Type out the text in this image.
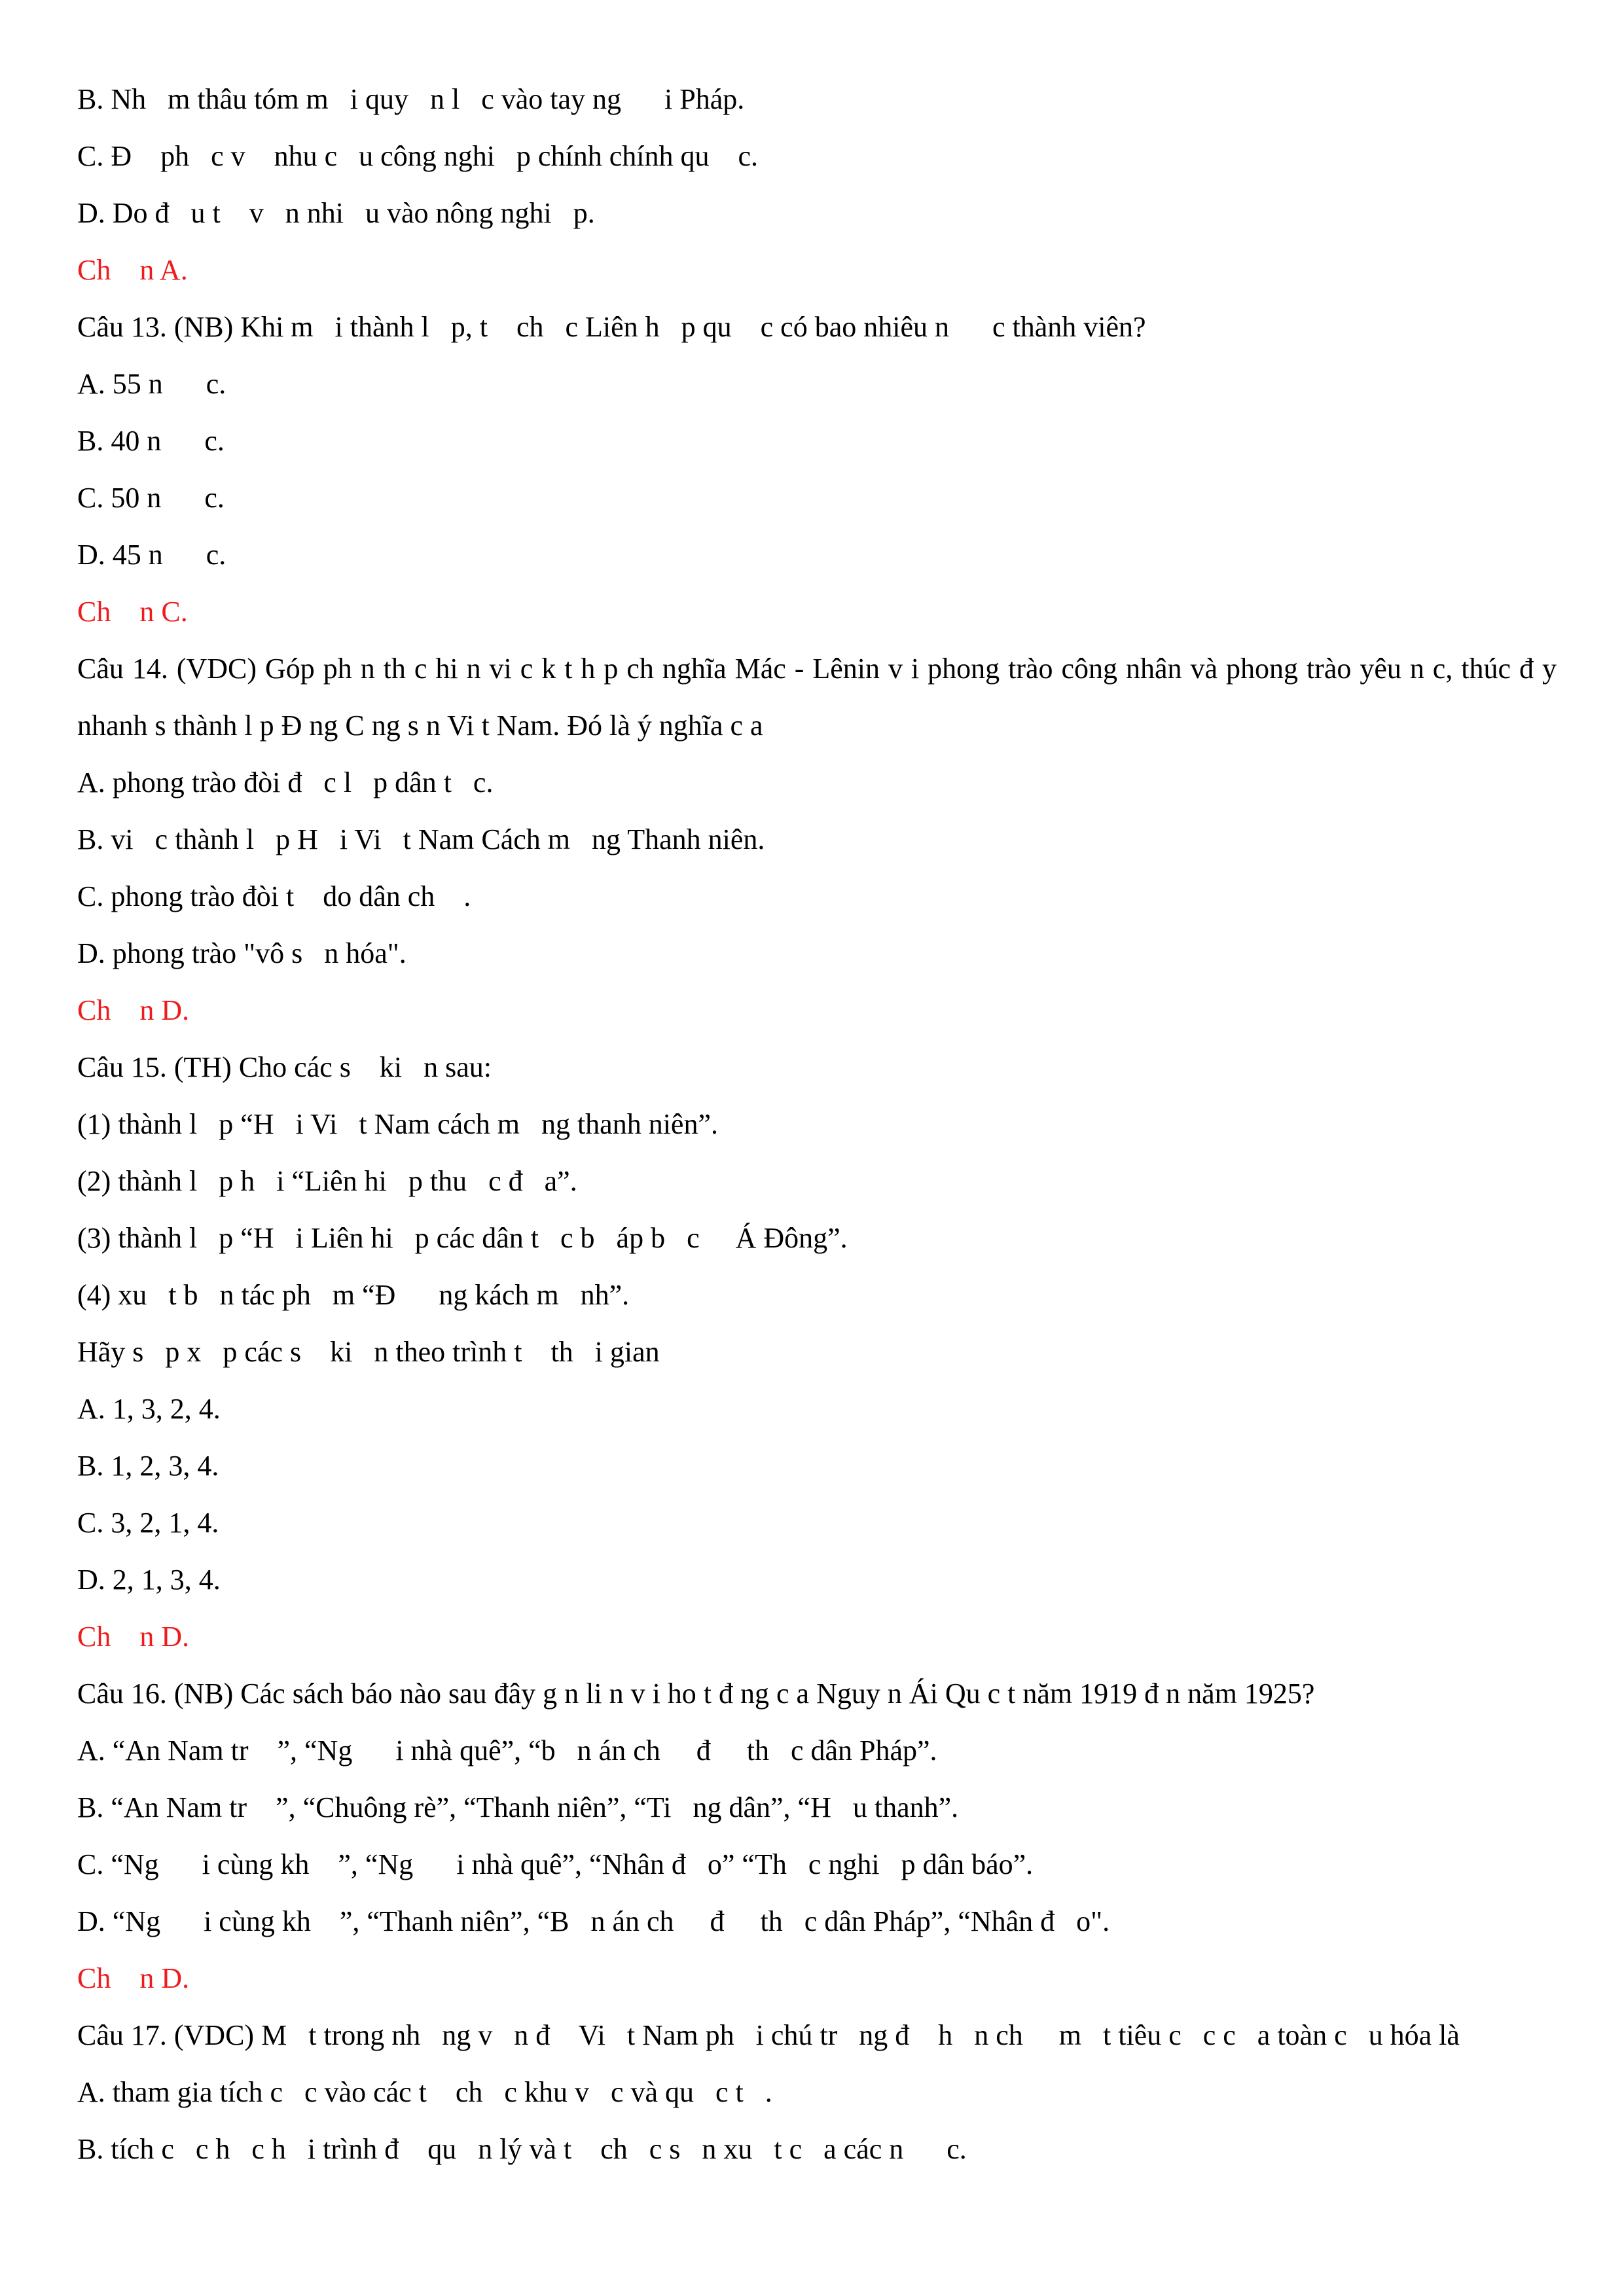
B. Nh   m thâu tóm m   i quy   n l   c vào tay ng      i Pháp.

C. Đ    ph   c v    nhu c   u công nghi   p chính chính qu    c.

D. Do đ   u t    v   n nhi   u vào nông nghi   p.

Ch    n A.

Câu 13. (NB) Khi m   i thành l   p, t    ch   c Liên h   p qu    c có bao nhiêu n      c thành viên?

A. 55 n      c.

B. 40 n      c.

C. 50 n      c.

D. 45 n      c.

Ch    n C.

Câu 14. (VDC) Góp ph n th c hi n vi c k t h p ch nghĩa Mác - Lênin v i phong trào công nhân và phong trào yêu n c, thúc đ y nhanh s thành l p Đ ng C ng s n Vi t Nam. Đó là ý nghĩa c a

A. phong trào đòi đ   c l   p dân t   c.

B. vi   c thành l   p H   i Vi   t Nam Cách m   ng Thanh niên.

C. phong trào đòi t    do dân ch    .

D. phong trào "vô s   n hóa".

Ch    n D.

Câu 15. (TH) Cho các s    ki   n sau:

(1) thành l   p “H   i Vi   t Nam cách m   ng thanh niên”.

(2) thành l   p h   i “Liên hi   p thu   c đ   a”.

(3) thành l   p “H   i Liên hi   p các dân t   c b   áp b   c     Á Đông”.

(4) xu   t b   n tác ph   m “Đ      ng kách m   nh”.

Hãy s   p x   p các s    ki   n theo trình t    th   i gian

A. 1, 3, 2, 4.

B. 1, 2, 3, 4.

C. 3, 2, 1, 4.

D. 2, 1, 3, 4.

Ch    n D.

Câu 16. (NB) Các sách báo nào sau đây g n li n v i ho t đ ng c a Nguy n Ái Qu c t năm 1919 đ n năm 1925?

A. “An Nam tr    ”, “Ng      i nhà quê”, “b   n án ch     đ     th   c dân Pháp”.

B. “An Nam tr    ”, “Chuông rè”, “Thanh niên”, “Ti   ng dân”, “H   u thanh”.

C. “Ng      i cùng kh    ”, “Ng      i nhà quê”, “Nhân đ   o” “Th   c nghi   p dân báo”.

D. “Ng      i cùng kh    ”, “Thanh niên”, “B   n án ch     đ     th   c dân Pháp”, “Nhân đ   o".

Ch    n D.

Câu 17. (VDC) M   t trong nh   ng v   n đ    Vi   t Nam ph   i chú tr   ng đ    h   n ch     m   t tiêu c   c c   a toàn c   u hóa là

A. tham gia tích c   c vào các t    ch   c khu v   c và qu   c t   .

B. tích c   c h   c h   i trình đ    qu   n lý và t    ch   c s   n xu   t c   a các n      c.
